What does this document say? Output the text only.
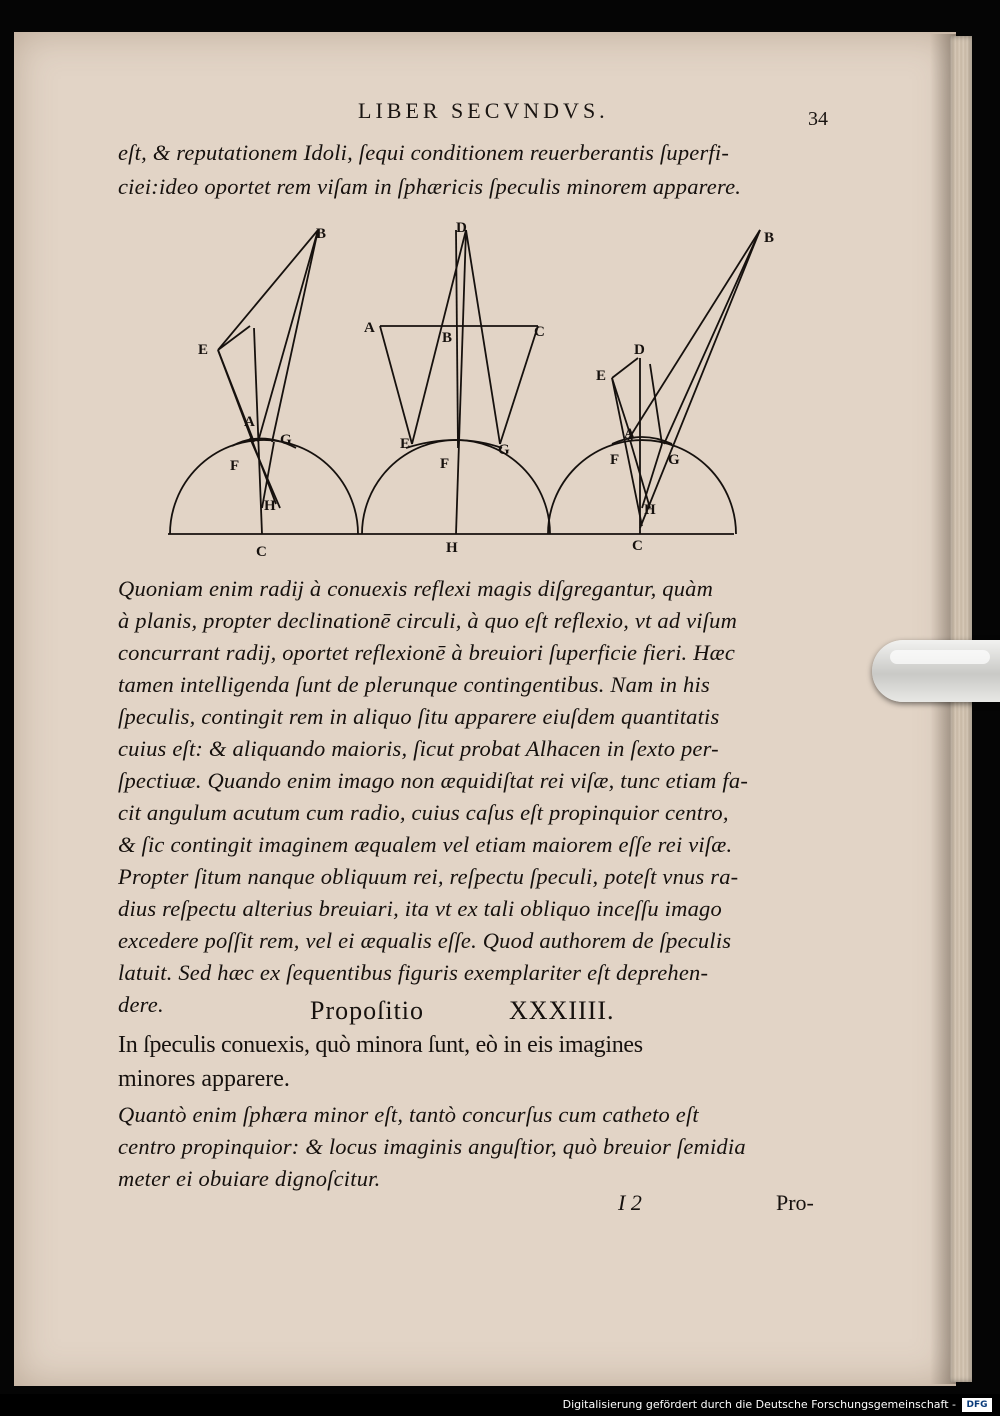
LIBER SECVNDVS.	34
eſt, & reputationem Idoli, ſequi conditionem reuerberantis ſuperfi-
ciei:ideo oportet rem viſam in ſphæricis ſpeculis minorem apparere.
B
E
A
G
F
H
C
D
A
B	C
E
F
G
H
B
D
E
A
F	G
H
C
Quoniam enim radij à conuexis reflexi magis diſgregantur, quàm
à planis, propter declinationē circuli, à quo eſt reflexio, vt ad viſum
concurrant radij, oportet reflexionē à breuiori ſuperficie fieri. Hæc
tamen intelligenda ſunt de plerunque contingentibus. Nam in his
ſpeculis, contingit rem in aliquo ſitu apparere eiuſdem quantitatis
cuius eſt: & aliquando maioris, ſicut probat Alhacen in ſexto per-
ſpectiuæ. Quando enim imago non æquidiſtat rei viſæ, tunc etiam fa-
cit angulum acutum cum radio, cuius caſus eſt propinquior centro,
& ſic contingit imaginem æqualem vel etiam maiorem eſſe rei viſæ.
Propter ſitum nanque obliquum rei, reſpectu ſpeculi, poteſt vnus ra-
dius reſpectu alterius breuiari, ita vt ex tali obliquo inceſſu imago
excedere poſſit rem, vel ei æqualis eſſe. Quod authorem de ſpeculis
latuit. Sed hæc ex ſequentibus figuris exemplariter eſt deprehen-
dere.	Propoſitio	XXXIIII.
In ſpeculis conuexis, quò minora ſunt, eò in eis imagines
minores apparere.
Quantò enim ſphæra minor eſt, tantò concurſus cum catheto eſt
centro propinquior: & locus imaginis anguſtior, quò breuior ſemidia
meter ei obuiare dignoſcitur.
I 2	Pro-
Digitalisierung gefördert durch die Deutsche Forschungsgemeinschaft -	DFG
